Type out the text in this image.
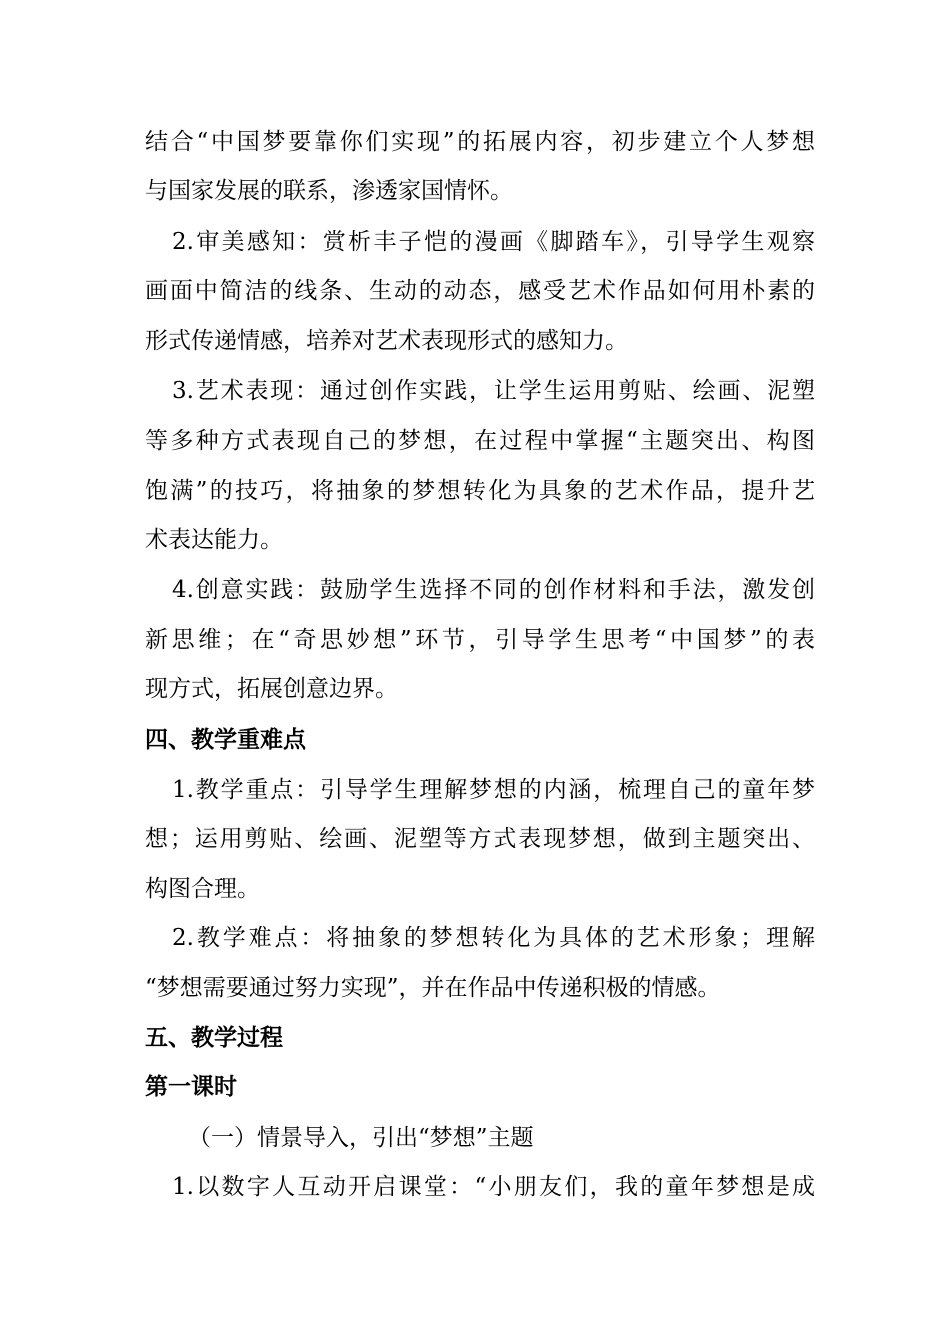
结合“中国梦要靠你们实现”的拓展内容，初步建立个人梦想
与国家发展的联系，渗透家国情怀。
2.审美感知：赏析丰子恺的漫画《脚踏车》，引导学生观察
画面中简洁的线条、生动的动态，感受艺术作品如何用朴素的
形式传递情感，培养对艺术表现形式的感知力。
3.艺术表现：通过创作实践，让学生运用剪贴、绘画、泥塑
等多种方式表现自己的梦想，在过程中掌握“主题突出、构图
饱满”的技巧，将抽象的梦想转化为具象的艺术作品，提升艺
术表达能力。
4.创意实践：鼓励学生选择不同的创作材料和手法，激发创
新思维；在“奇思妙想”环节，引导学生思考“中国梦”的表
现方式，拓展创意边界。
四、教学重难点
1.教学重点：引导学生理解梦想的内涵，梳理自己的童年梦
想；运用剪贴、绘画、泥塑等方式表现梦想，做到主题突出、
构图合理。
2.教学难点：将抽象的梦想转化为具体的艺术形象；理解
“梦想需要通过努力实现”，并在作品中传递积极的情感。
五、教学过程
第一课时
（一）情景导入，引出“梦想”主题
1.以数字人互动开启课堂：“小朋友们，我的童年梦想是成
